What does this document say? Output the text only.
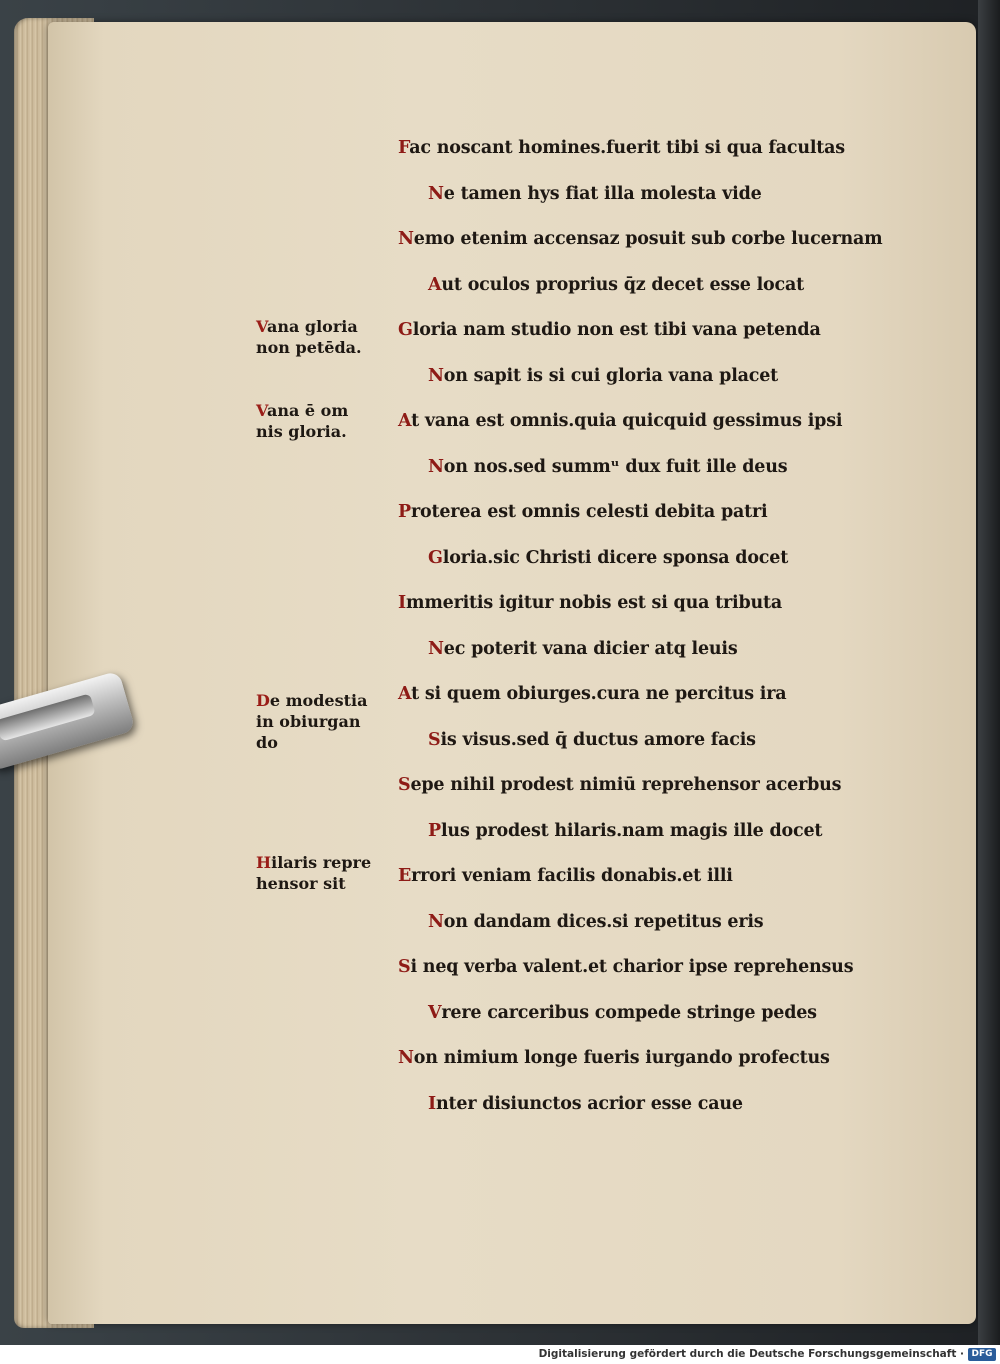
Fac noscant homines.fuerit tibi si qua facultas
Ne tamen hys fiat illa molesta vide
Nemo etenim accensaz posuit sub corbe lucernam
Aut oculos proprius q̄z decet esse locat
Gloria nam studio non est tibi vana petenda
Non sapit is si cui gloria vana placet
At vana est omnis.quia quicquid gessimus ipsi
Non nos.sed summᵘ dux fuit ille deus
Proterea est omnis celesti debita patri
Gloria.sic Christi dicere sponsa docet
Immeritis igitur nobis est si qua tributa
Nec poterit vana dicier atq̧ leuis
At si quem obiurges.cura ne percitus ira
Sis visus.sed q̄ ductus amore facis
Sepe nihil prodest nimiū reprehensor acerbus
Plus prodest hilaris.nam magis ille docet
Errori veniam facilis donabis.et illi
Non dandam dices.si repetitus eris
Si neq̧ verba valent.et charior ipse reprehensus
Vrere carceribus compede stringe pedes
Non nimium longe fueris iurgando profectus
Inter disiunctos acrior esse caue
Vana gloria
non petēda.
Vana ē om
nis gloria.
De modestia
in obiurgan
do
Hilaris repre
hensor sit
Digitalisierung gefördert durch die Deutsche Forschungsgemeinschaft · DFG
